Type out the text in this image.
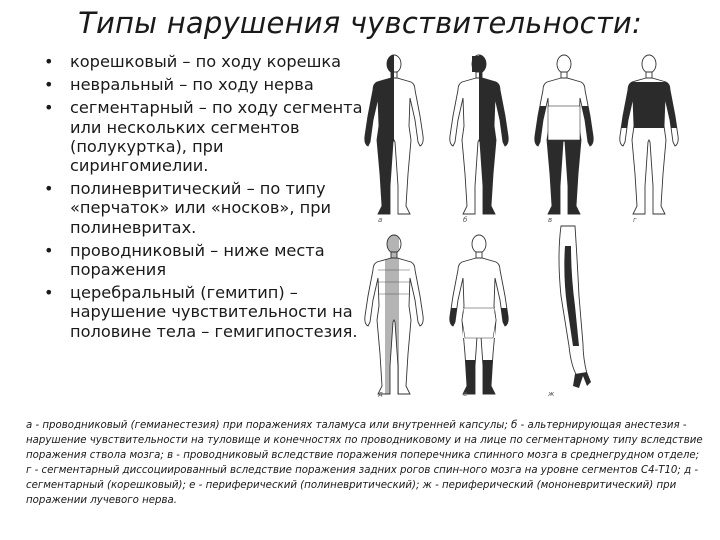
Типы нарушения чувствительности:
• корешковый – по ходу корешка
• невральный – по ходу нерва
• сегментарный – по ходу сегмента или нескольких сегментов (полукуртка), при сирингомиелии.
• полиневритический – по типу «перчаток» или «носков», при полиневритах.
• проводниковый – ниже места поражения
• церебральный (гемитип) – нарушение чувствительности на половине тела – гемигипостезия.
а	б	в	г
д	е	ж
а - проводниковый (гемианестезия) при поражениях таламуса или внутренней капсулы; б - альтернирующая анестезия - нарушение чувствительности на туловище и конечностях по проводниковому и на лице по сегментарному типу вследствие поражения ствола мозга; в - проводниковый вследствие поражения поперечника спинного мозга в среднегрудном отделе; г - сегментарный диссоциированный вследствие поражения задних рогов спин-ного мозга на уровне сегментов С4-Т10; д - сегментарный (корешковый); е - периферический (полиневритический); ж - периферический (мононевритический) при поражении лучевого нерва.
